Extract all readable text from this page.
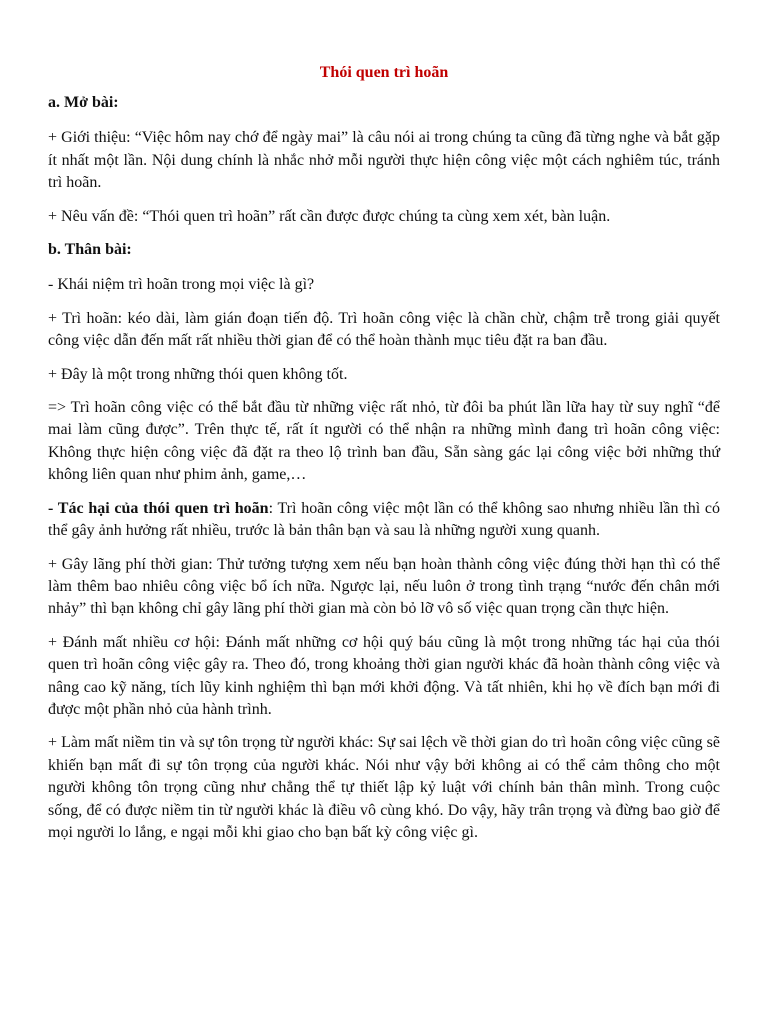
Thói quen trì hoãn

a. Mở bài:

+ Giới thiệu: “Việc hôm nay chớ để ngày mai” là câu nói ai trong chúng ta cũng đã từng nghe và bắt gặp ít nhất một lần. Nội dung chính là nhắc nhở mỗi người thực hiện công việc một cách nghiêm túc, tránh trì hoãn.

+ Nêu vấn đề: “Thói quen trì hoãn” rất cần được được chúng ta cùng xem xét, bàn luận.

b. Thân bài:

- Khái niệm trì hoãn trong mọi việc là gì?

+ Trì hoãn: kéo dài, làm gián đoạn tiến độ. Trì hoãn công việc là chần chừ, chậm trễ trong giải quyết công việc dẫn đến mất rất nhiều thời gian để có thể hoàn thành mục tiêu đặt ra ban đầu.

+ Đây là một trong những thói quen không tốt.

=> Trì hoãn công việc có thể bắt đầu từ những việc rất nhỏ, từ đôi ba phút lần lữa hay từ suy nghĩ “để mai làm cũng được”. Trên thực tế, rất ít người có thể nhận ra những mình đang trì hoãn công việc: Không thực hiện công việc đã đặt ra theo lộ trình ban đầu, Sẵn sàng gác lại công việc bởi những thứ không liên quan như phim ảnh, game,…

- Tác hại của thói quen trì hoãn: Trì hoãn công việc một lần có thể không sao nhưng nhiều lần thì có thể gây ảnh hưởng rất nhiều, trước là bản thân bạn và sau là những người xung quanh.

+ Gây lãng phí thời gian: Thử tưởng tượng xem nếu bạn hoàn thành công việc đúng thời hạn thì có thể làm thêm bao nhiêu công việc bổ ích nữa. Ngược lại, nếu luôn ở trong tình trạng “nước đến chân mới nhảy” thì bạn không chỉ gây lãng phí thời gian mà còn bỏ lỡ vô số việc quan trọng cần thực hiện.

+ Đánh mất nhiều cơ hội: Đánh mất những cơ hội quý báu cũng là một trong những tác hại của thói quen trì hoãn công việc gây ra. Theo đó, trong khoảng thời gian người khác đã hoàn thành công việc và nâng cao kỹ năng, tích lũy kinh nghiệm thì bạn mới khởi động. Và tất nhiên, khi họ về đích bạn mới đi được một phần nhỏ của hành trình.

+ Làm mất niềm tin và sự tôn trọng từ người khác: Sự sai lệch về thời gian do trì hoãn công việc cũng sẽ khiến bạn mất đi sự tôn trọng của người khác. Nói như vậy bởi không ai có thể cảm thông cho một người không tôn trọng cũng như chẳng thể tự thiết lập kỷ luật với chính bản thân mình. Trong cuộc sống, để có được niềm tin từ người khác là điều vô cùng khó. Do vậy, hãy trân trọng và đừng bao giờ để mọi người lo lắng, e ngại mỗi khi giao cho bạn bất kỳ công việc gì.
